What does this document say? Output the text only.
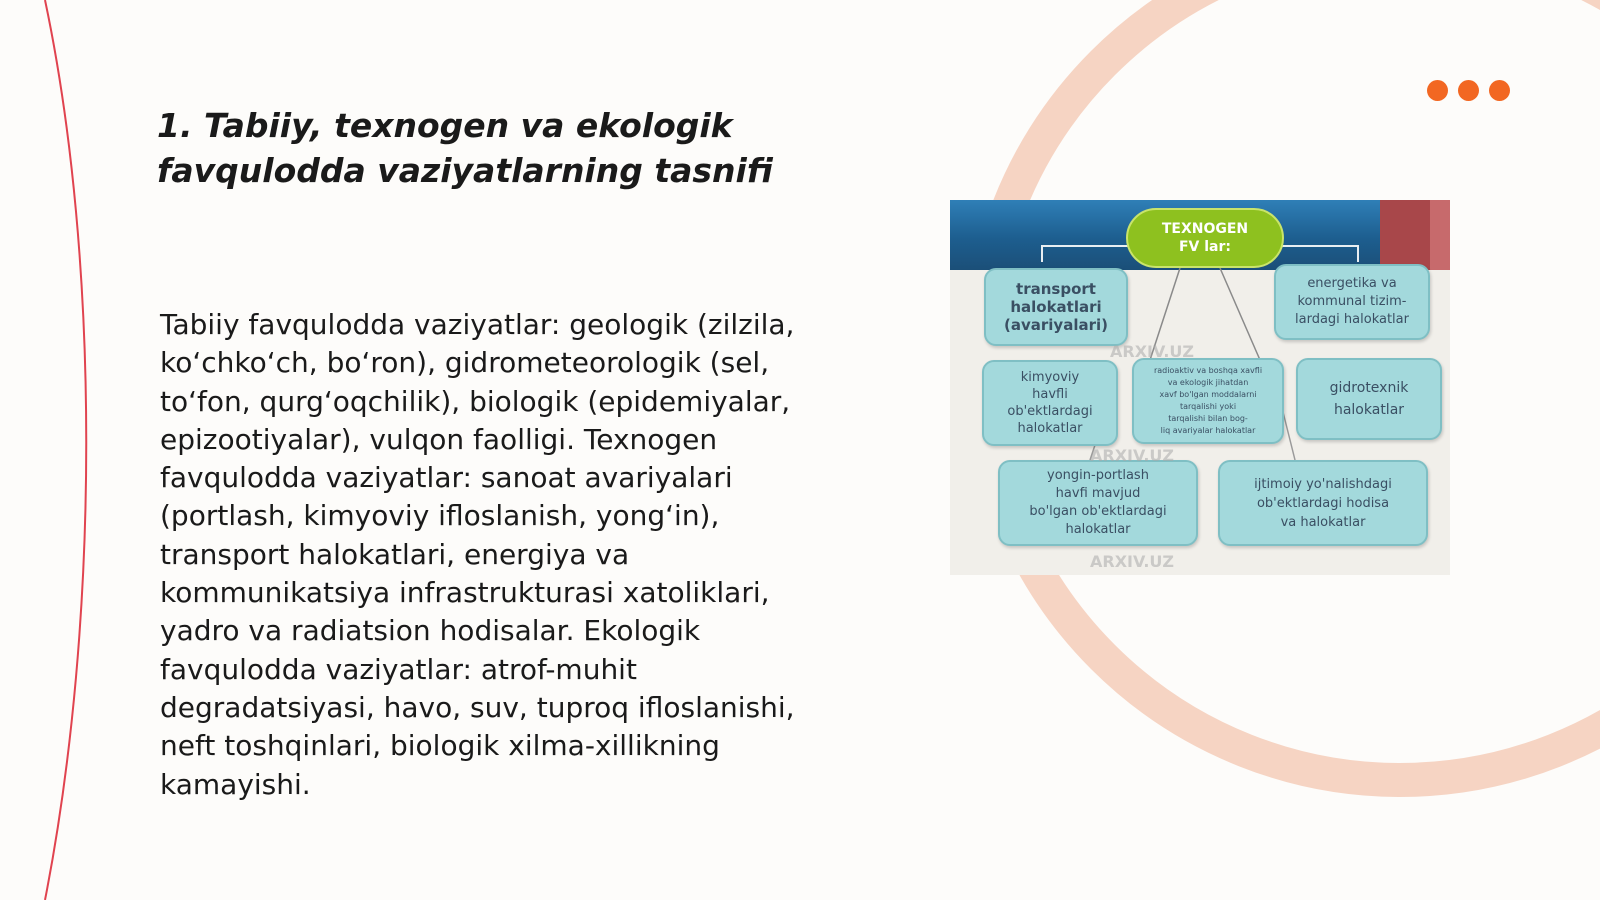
1. Tabiiy, texnogen va ekologik
favqulodda vaziyatlarning tasnifi

Tabiiy favqulodda vaziyatlar: geologik (zilzila,
ko‘chko‘ch, bo‘ron), gidrometeorologik (sel,
to‘fon, qurg‘oqchilik), biologik (epidemiyalar,
epizootiyalar), vulqon faolligi. Texnogen
favqulodda vaziyatlar: sanoat avariyalari
(portlash, kimyoviy ifloslanish, yong‘in),
transport halokatlari, energiya va
kommunikatsiya infrastrukturasi xatoliklari,
yadro va radiatsion hodisalar. Ekologik
favqulodda vaziyatlar: atrof-muhit
degradatsiyasi, havo, suv, tuproq ifloslanishi,
neft toshqinlari, biologik xilma-xillikning
kamayishi.

TEXNOGEN
FV lar:
transport
halokatlari
(avariyalari)
energetika va
kommunal tizim-
lardagi halokatlar
kimyoviy
havfli
ob'ektlardagi
halokatlar
radioaktiv va boshqa xavfli
va ekologik jihatdan
xavf bo'lgan moddalarni
tarqalishi yoki
tarqalishi bilan bog-
liq avariyalar halokatlar
gidrotexnik
halokatlar
yongin-portlash
havfi mavjud
bo'lgan ob'ektlardagi
halokatlar
ijtimoiy yo'nalishdagi
ob'ektlardagi hodisa
va halokatlar
ARXIV.UZ
ARXIV.UZ
ARXIV.UZ
